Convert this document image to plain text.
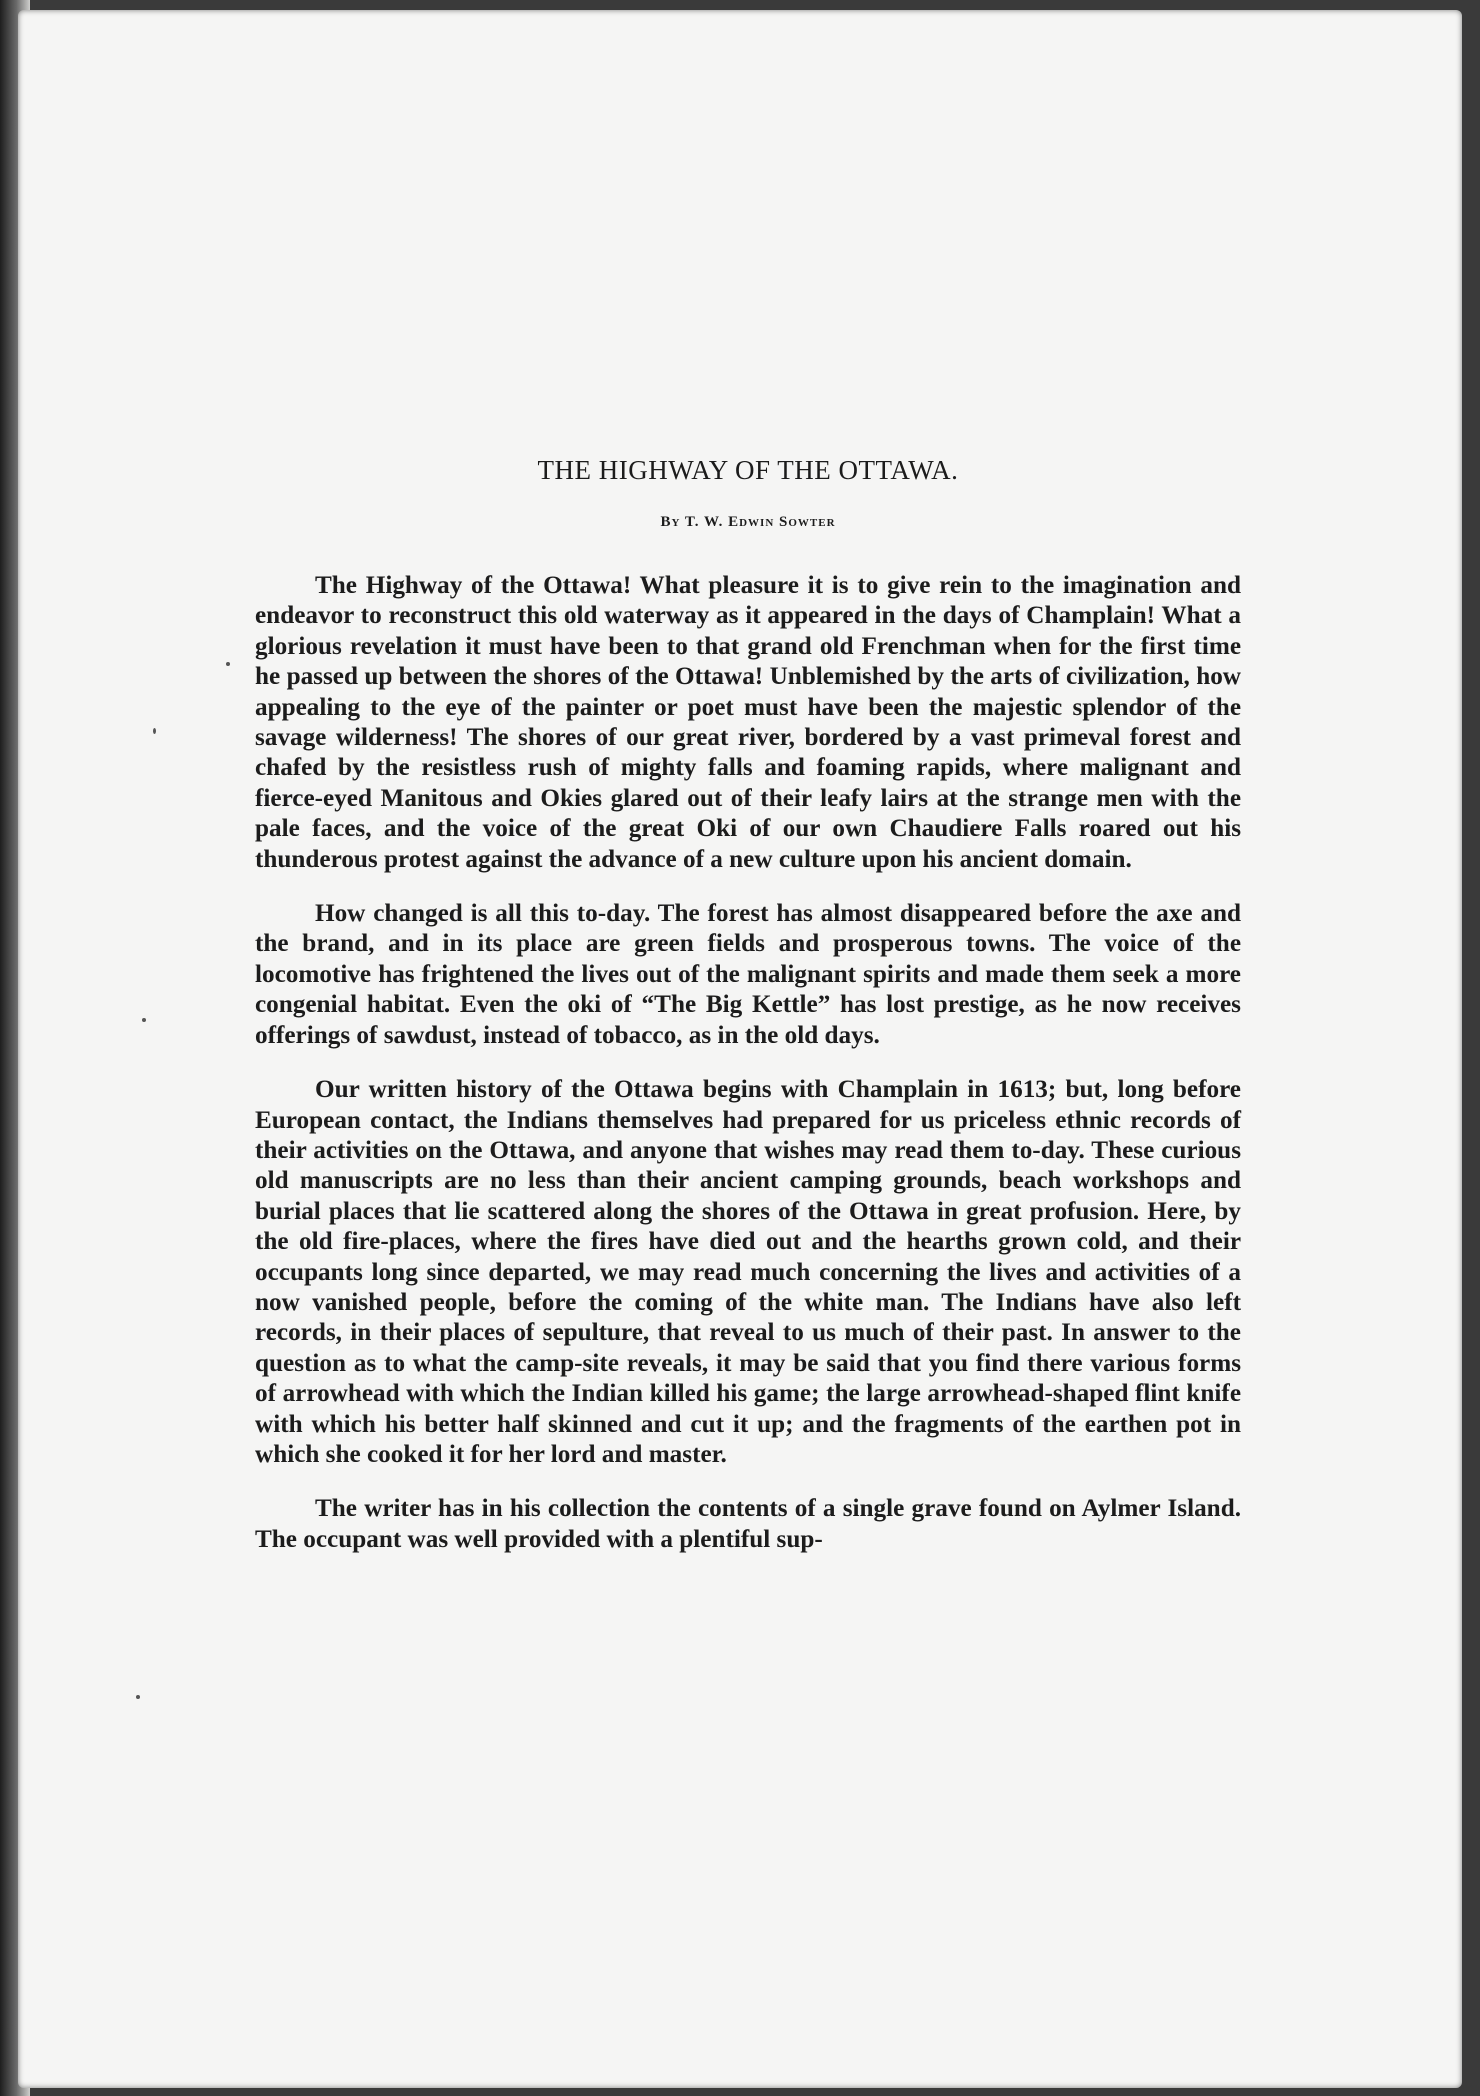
THE HIGHWAY OF THE OTTAWA.
By T. W. Edwin Sowter

The Highway of the Ottawa! What pleasure it is to give rein to the imagination and endeavor to reconstruct this old waterway as it appeared in the days of Champlain! What a glorious revelation it must have been to that grand old Frenchman when for the first time he passed up between the shores of the Ottawa! Unblemished by the arts of civilization, how appealing to the eye of the painter or poet must have been the majestic splendor of the savage wilderness! The shores of our great river, bordered by a vast primeval forest and chafed by the resistless rush of mighty falls and foaming rapids, where malignant and fierce-eyed Manitous and Okies glared out of their leafy lairs at the strange men with the pale faces, and the voice of the great Oki of our own Chaudiere Falls roared out his thunderous protest against the advance of a new culture upon his ancient domain.

How changed is all this to-day. The forest has almost disappeared before the axe and the brand, and in its place are green fields and prosperous towns. The voice of the locomotive has frightened the lives out of the malignant spirits and made them seek a more congenial habitat. Even the oki of “The Big Kettle” has lost prestige, as he now receives offerings of sawdust, instead of tobacco, as in the old days.

Our written history of the Ottawa begins with Champlain in 1613; but, long before European contact, the Indians themselves had prepared for us priceless ethnic records of their activities on the Ottawa, and anyone that wishes may read them to-day. These curious old manuscripts are no less than their ancient camping grounds, beach workshops and burial places that lie scattered along the shores of the Ottawa in great profusion. Here, by the old fire-places, where the fires have died out and the hearths grown cold, and their occupants long since departed, we may read much concerning the lives and activities of a now vanished people, before the coming of the white man. The Indians have also left records, in their places of sepulture, that reveal to us much of their past. In answer to the question as to what the camp-site reveals, it may be said that you find there various forms of arrowhead with which the Indian killed his game; the large arrowhead-shaped flint knife with which his better half skinned and cut it up; and the fragments of the earthen pot in which she cooked it for her lord and master.

The writer has in his collection the contents of a single grave found on Aylmer Island. The occupant was well provided with a plentiful sup-
